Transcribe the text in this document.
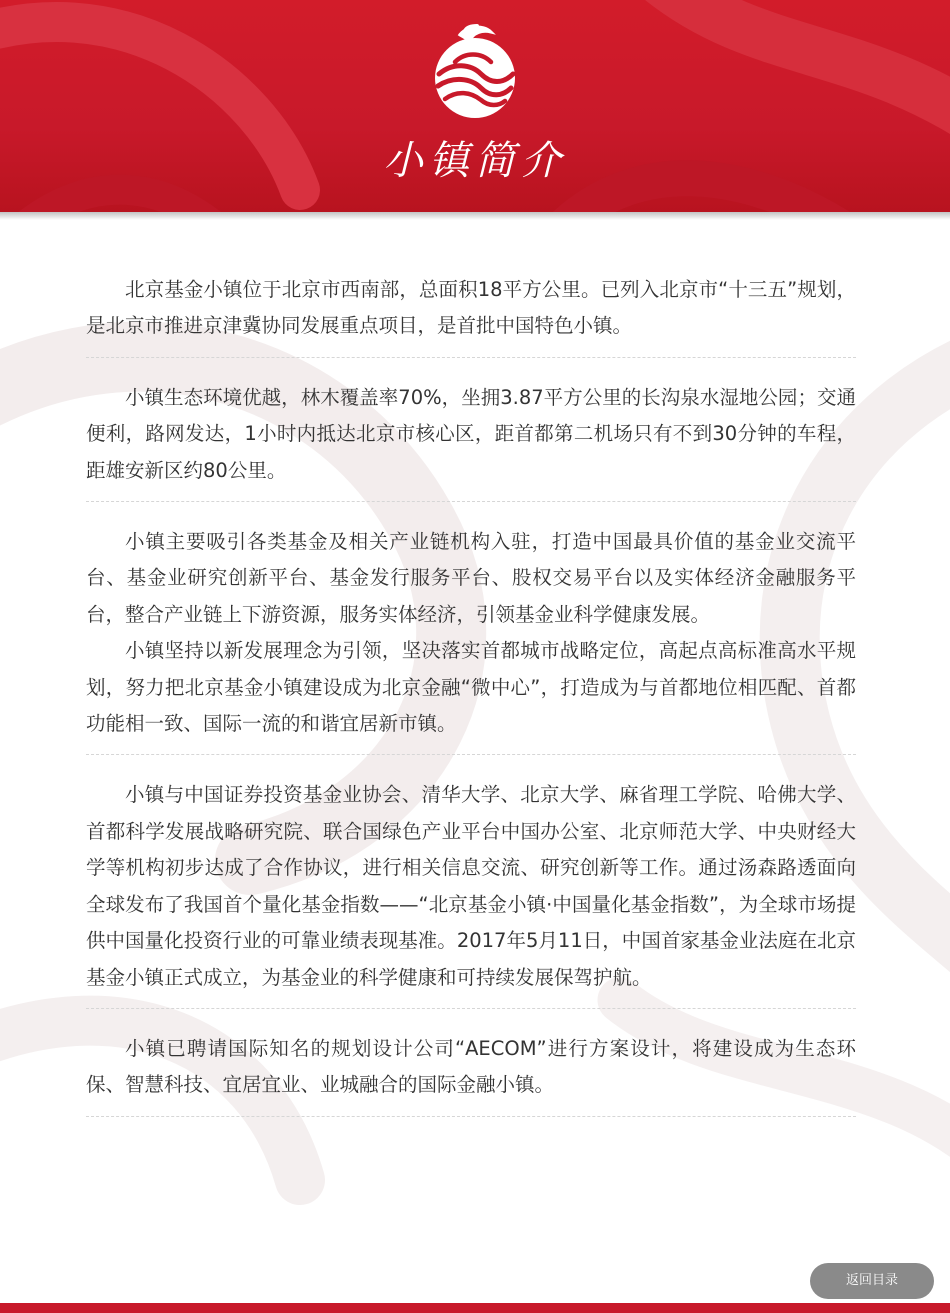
小镇简介

北京基金小镇位于北京市西南部，总面积18平方公里。已列入北京市“十三五”规划，是北京市推进京津冀协同发展重点项目，是首批中国特色小镇。

小镇生态环境优越，林木覆盖率70%，坐拥3.87平方公里的长沟泉水湿地公园；交通便利，路网发达，1小时内抵达北京市核心区，距首都第二机场只有不到30分钟的车程，距雄安新区约80公里。

小镇主要吸引各类基金及相关产业链机构入驻，打造中国最具价值的基金业交流平台、基金业研究创新平台、基金发行服务平台、股权交易平台以及实体经济金融服务平台，整合产业链上下游资源，服务实体经济，引领基金业科学健康发展。

小镇坚持以新发展理念为引领，坚决落实首都城市战略定位，高起点高标准高水平规划，努力把北京基金小镇建设成为北京金融“微中心”，打造成为与首都地位相匹配、首都功能相一致、国际一流的和谐宜居新市镇。

小镇与中国证券投资基金业协会、清华大学、北京大学、麻省理工学院、哈佛大学、首都科学发展战略研究院、联合国绿色产业平台中国办公室、北京师范大学、中央财经大学等机构初步达成了合作协议，进行相关信息交流、研究创新等工作。通过汤森路透面向全球发布了我国首个量化基金指数——“北京基金小镇·中国量化基金指数”，为全球市场提供中国量化投资行业的可靠业绩表现基准。2017年5月11日，中国首家基金业法庭在北京基金小镇正式成立，为基金业的科学健康和可持续发展保驾护航。

小镇已聘请国际知名的规划设计公司“AECOM”进行方案设计，将建设成为生态环保、智慧科技、宜居宜业、业城融合的国际金融小镇。

返回目录
